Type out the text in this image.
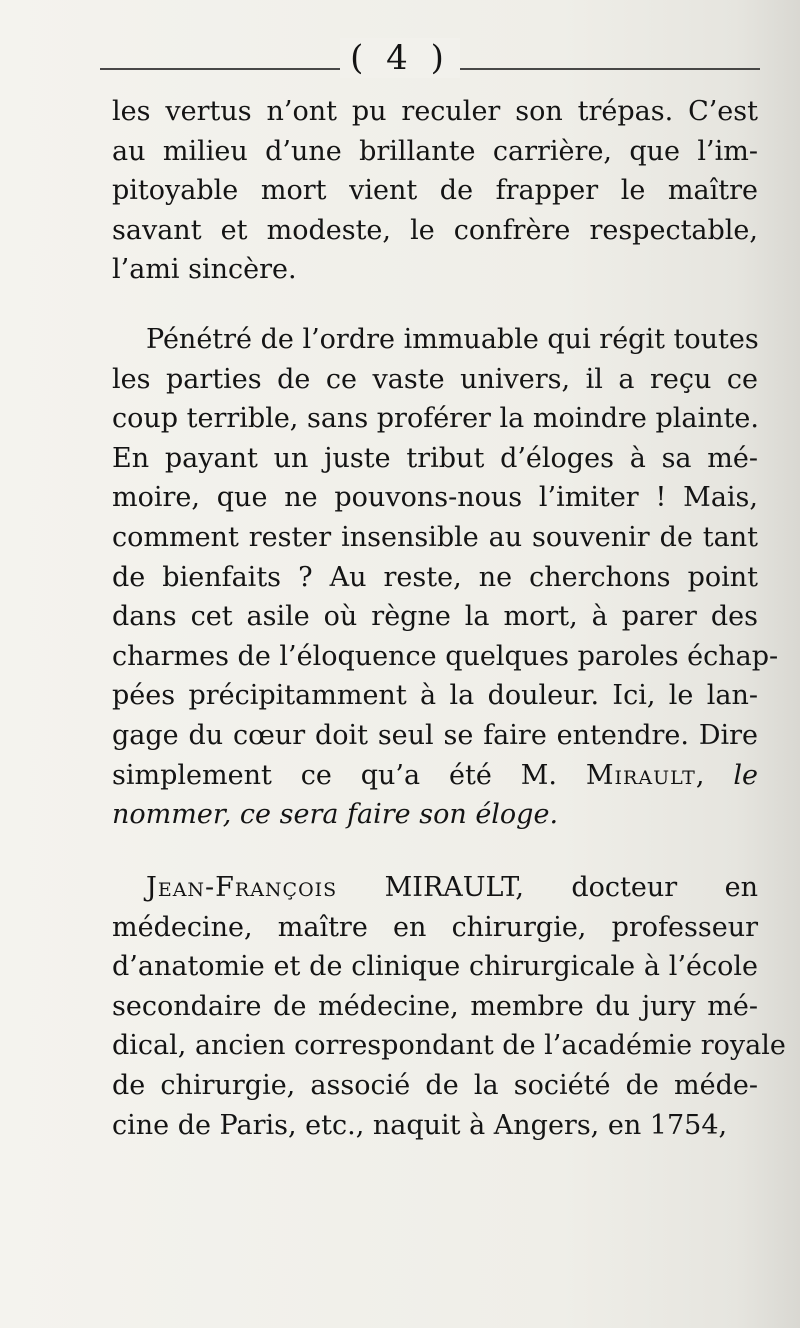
( 4 )
les vertus n’ont pu reculer son trépas. C’est
au milieu d’une brillante carrière, que l’im-
pitoyable mort vient de frapper le maître
savant et modeste, le confrère respectable,
l’ami sincère.
Pénétré de l’ordre immuable qui régit toutes
les parties de ce vaste univers, il a reçu ce
coup terrible, sans proférer la moindre plainte.
En payant un juste tribut d’éloges à sa mé-
moire, que ne pouvons-nous l’imiter ! Mais,
comment rester insensible au souvenir de tant
de bienfaits ? Au reste, ne cherchons point
dans cet asile où règne la mort, à parer des
charmes de l’éloquence quelques paroles échap-
pées précipitamment à la douleur. Ici, le lan-
gage du cœur doit seul se faire entendre. Dire
simplement ce qu’a été M. Mirault, le
nommer, ce sera faire son éloge.
Jean-François MIRAULT, docteur en
médecine, maître en chirurgie, professeur
d’anatomie et de clinique chirurgicale à l’école
secondaire de médecine, membre du jury mé-
dical, ancien correspondant de l’académie royale
de chirurgie, associé de la société de méde-
cine de Paris, etc., naquit à Angers, en 1754,
